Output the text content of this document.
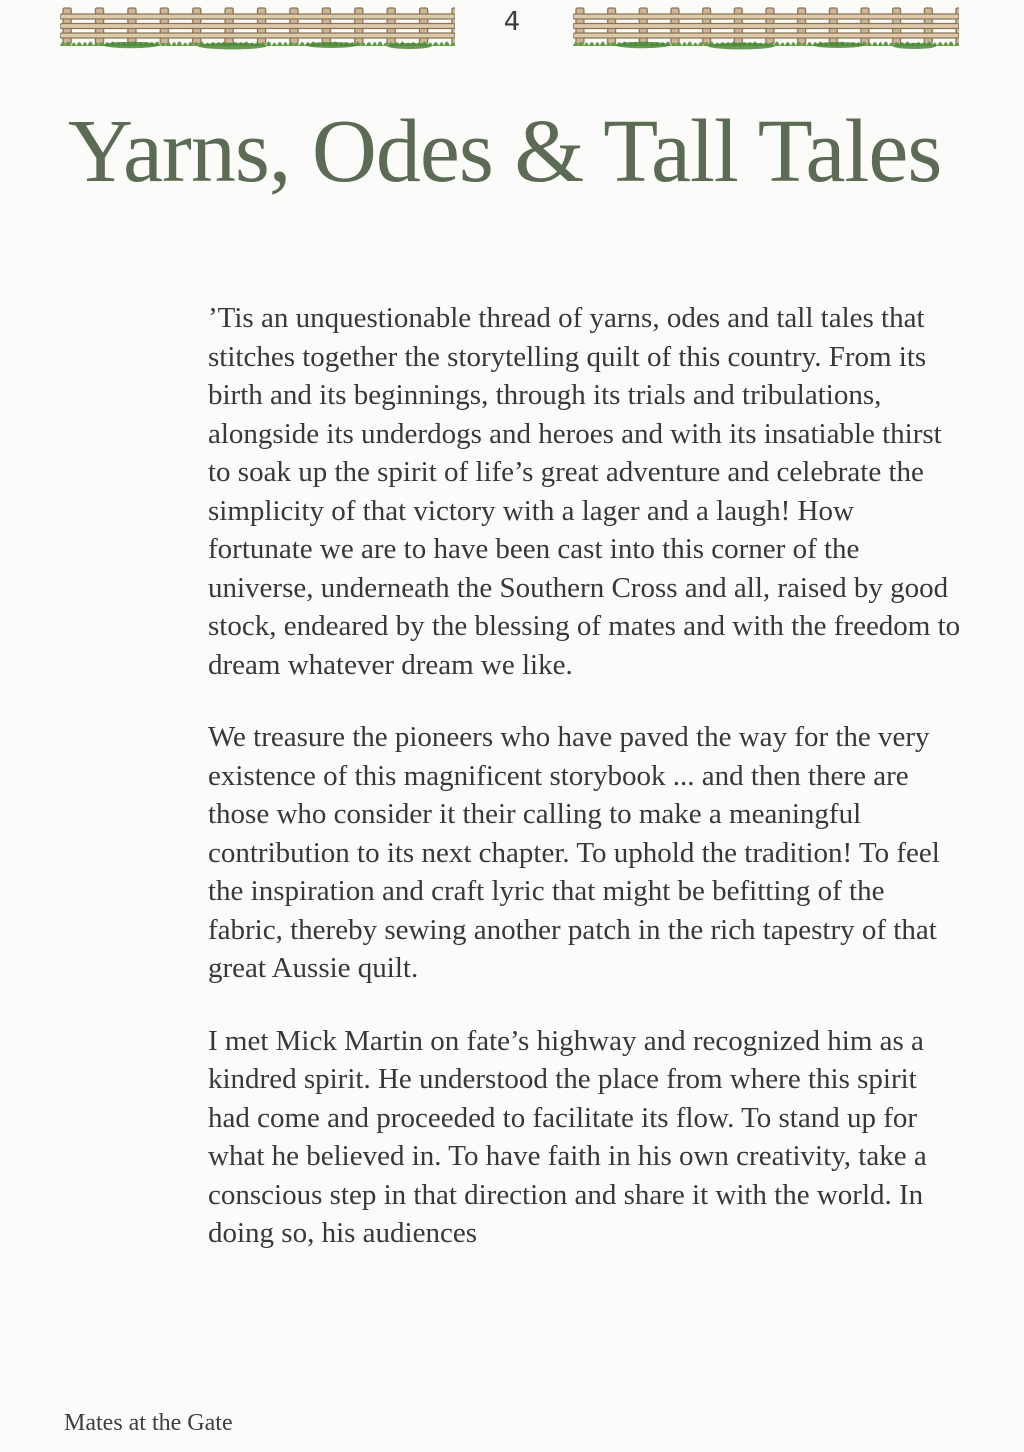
4
Yarns, Odes & Tall Tales

’Tis an unquestionable thread of yarns, odes and tall tales that stitches together the storytelling quilt of this country. From its birth and its beginnings, through its trials and tribulations, alongside its underdogs and heroes and with its insatiable thirst to soak up the spirit of life’s great adventure and celebrate the simplicity of that victory with a lager and a laugh! How fortunate we are to have been cast into this corner of the universe, underneath the Southern Cross and all, raised by good stock, endeared by the blessing of mates and with the freedom to dream whatever dream we like.

We treasure the pioneers who have paved the way for the very existence of this magnificent storybook ... and then there are those who consider it their calling to make a meaningful contribution to its next chapter. To uphold the tradition! To feel the inspiration and craft lyric that might be befitting of the fabric, thereby sewing another patch in the rich tapestry of that great Aussie quilt.

I met Mick Martin on fate’s highway and recognized him as a kindred spirit. He understood the place from where this spirit had come and proceeded to facilitate its flow. To stand up for what he believed in. To have faith in his own creativity, take a conscious step in that direction and share it with the world. In doing so, his audiences

Mates at the Gate
